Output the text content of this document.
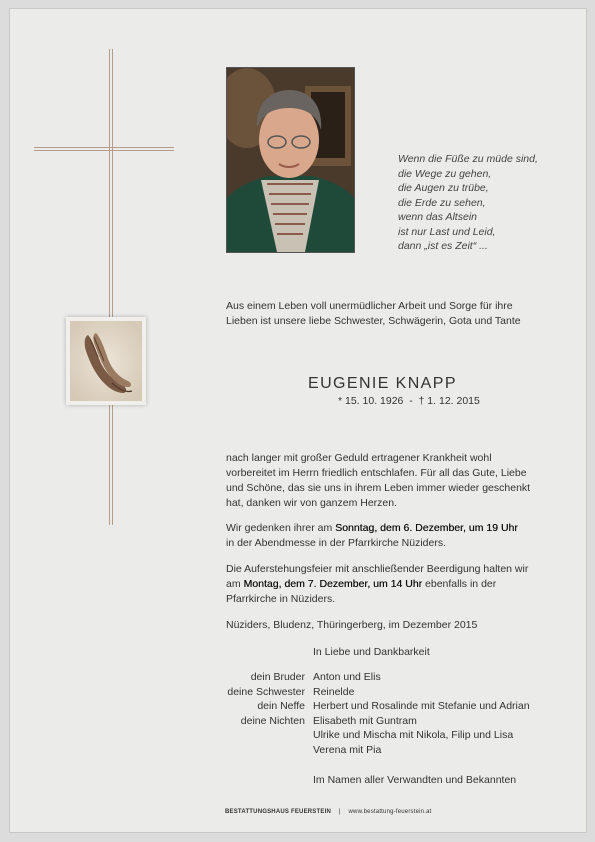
Wenn die Füße zu müde sind,
die Wege zu gehen,
die Augen zu trübe,
die Erde zu sehen,
wenn das Altsein
ist nur Last und Leid,
dann „ist es Zeit“ ...
Aus einem Leben voll unermüdlicher Arbeit und Sorge für ihre
Lieben ist unsere liebe Schwester, Schwägerin, Gota und Tante
EUGENIE KNAPP
* 15. 10. 1926  -  † 1. 12. 2015
nach langer mit großer Geduld ertragener Krankheit wohl
vorbereitet im Herrn friedlich entschlafen. Für all das Gute, Liebe
und Schöne, das sie uns in ihrem Leben immer wieder geschenkt
hat, danken wir von ganzem Herzen.
Wir gedenken ihrer am Sonntag, dem 6. Dezember, um 19 Uhr
in der Abendmesse in der Pfarrkirche Nüziders.
Die Auferstehungsfeier mit anschließender Beerdigung halten wir
am Montag, dem 7. Dezember, um 14 Uhr ebenfalls in der
Pfarrkirche in Nüziders.
Nüziders, Bludenz, Thüringerberg, im Dezember 2015
In Liebe und Dankbarkeit
dein Bruder Anton und Elis
deine Schwester Reinelde
dein Neffe Herbert und Rosalinde mit Stefanie und Adrian
deine Nichten Elisabeth mit Guntram
Ulrike und Mischa mit Nikola, Filip und Lisa
Verena mit Pia
Im Namen aller Verwandten und Bekannten
BESTATTUNGSHAUS FEUERSTEIN | www.bestattung-feuerstein.at
